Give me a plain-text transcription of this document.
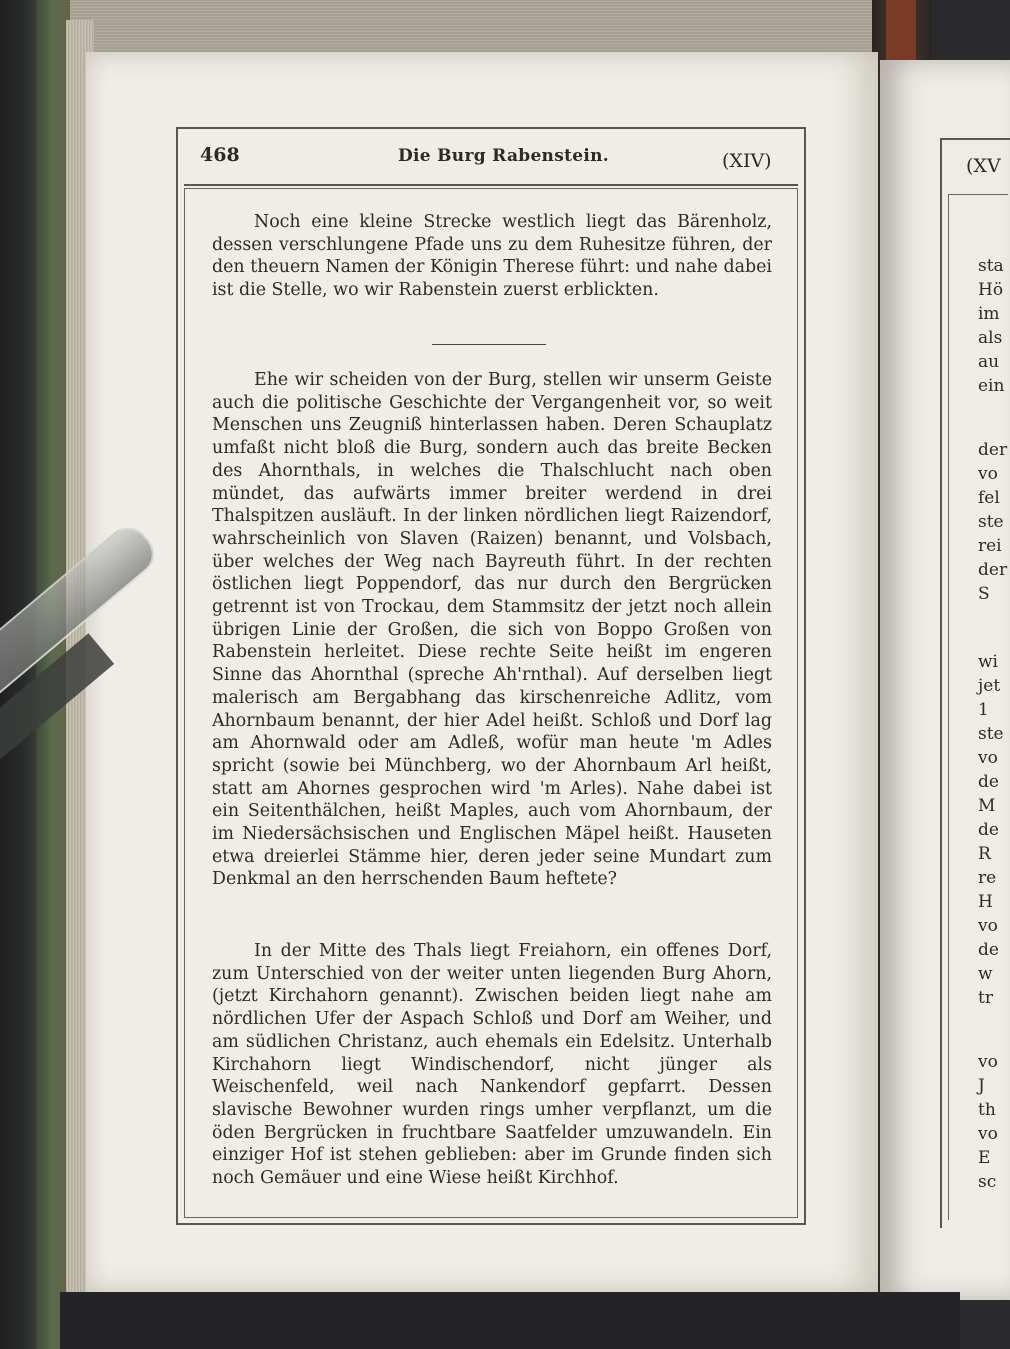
468	Die Burg Rabenstein.	(XIV)
Noch eine kleine Strecke westlich liegt das Bärenholz, dessen verschlungene Pfade uns zu dem Ruhesitze führen, der den theuern Namen der Königin Therese führt: und nahe dabei ist die Stelle, wo wir Rabenstein zuerst erblickten.
Ehe wir scheiden von der Burg, stellen wir unserm Geiste auch die politische Geschichte der Vergangenheit vor, so weit Menschen uns Zeugniß hinterlassen haben. Deren Schauplatz umfaßt nicht bloß die Burg, sondern auch das breite Becken des Ahornthals, in welches die Thalschlucht nach oben mündet, das aufwärts immer breiter werdend in drei Thalspitzen ausläuft. In der linken nördlichen liegt Raizendorf, wahrscheinlich von Slaven (Raizen) benannt, und Volsbach, über welches der Weg nach Bayreuth führt. In der rechten östlichen liegt Poppendorf, das nur durch den Bergrücken getrennt ist von Trockau, dem Stammsitz der jetzt noch allein übrigen Linie der Großen, die sich von Boppo Großen von Rabenstein herleitet. Diese rechte Seite heißt im engeren Sinne das Ahornthal (spreche Ah'rnthal). Auf derselben liegt malerisch am Bergabhang das kirschenreiche Adlitz, vom Ahornbaum benannt, der hier Adel heißt. Schloß und Dorf lag am Ahornwald oder am Adleß, wofür man heute 'm Adles spricht (sowie bei Münchberg, wo der Ahornbaum Arl heißt, statt am Ahornes gesprochen wird 'm Arles). Nahe dabei ist ein Seitenthälchen, heißt Maples, auch vom Ahornbaum, der im Niedersächsischen und Englischen Mäpel heißt. Hauseten etwa dreierlei Stämme hier, deren jeder seine Mundart zum Denkmal an den herrschenden Baum heftete?
In der Mitte des Thals liegt Freiahorn, ein offenes Dorf, zum Unterschied von der weiter unten liegenden Burg Ahorn, (jetzt Kirchahorn genannt). Zwischen beiden liegt nahe am nördlichen Ufer der Aspach Schloß und Dorf am Weiher, und am südlichen Christanz, auch ehemals ein Edelsitz. Unterhalb Kirchahorn liegt Windischendorf, nicht jünger als Weischenfeld, weil nach Nankendorf gepfarrt. Dessen slavische Bewohner wurden rings umher verpflanzt, um die öden Bergrücken in fruchtbare Saatfelder umzuwandeln. Ein einziger Hof ist stehen geblieben: aber im Grunde finden sich noch Gemäuer und eine Wiese heißt Kirchhof.
(XV
sta
Hö
im
als
au
ein
der
vo
fel
ste
rei
der
S
wi
jet
1
ste
vo
de
M
de
R
re
H
vo
de
w
tr
vo
J
th
vo
E
sc
